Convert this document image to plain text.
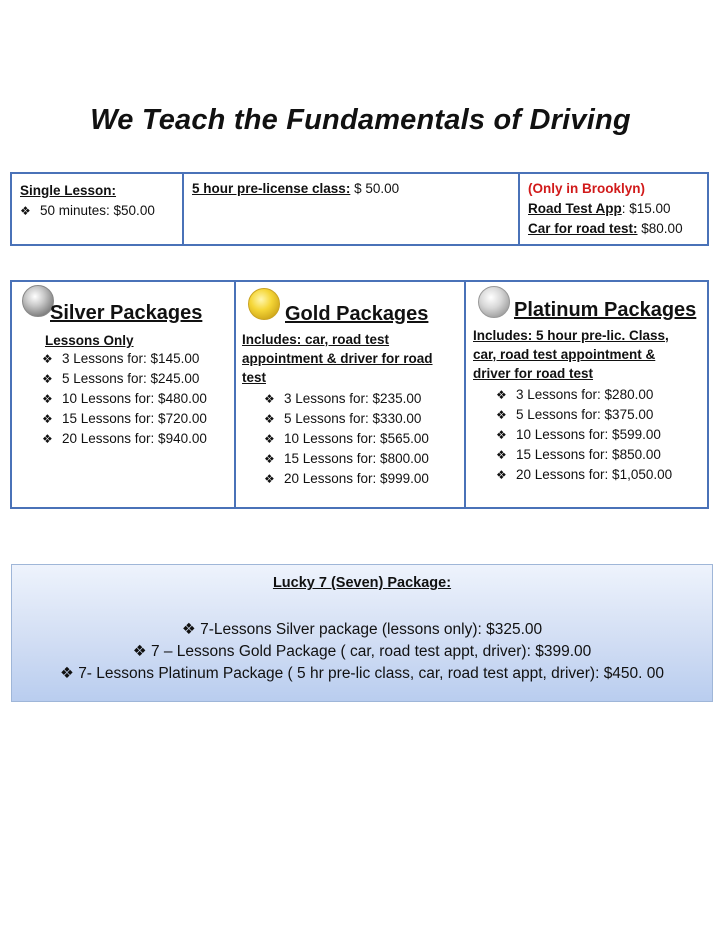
We Teach the Fundamentals of Driving
Single Lesson:
❖ 50 minutes: $50.00
5 hour pre-license class: $ 50.00	(Only in Brooklyn)
Road Test App: $15.00
Car for road test: $80.00
Silver Packages
Lessons Only
❖ 3 Lessons for: $145.00
❖ 5 Lessons for: $245.00
❖ 10 Lessons for: $480.00
❖ 15 Lessons for: $720.00
❖ 20 Lessons for: $940.00
Gold Packages
Includes: car, road test appointment & driver for road test
❖ 3 Lessons for: $235.00
❖ 5 Lessons for: $330.00
❖ 10 Lessons for: $565.00
❖ 15 Lessons for: $800.00
❖ 20 Lessons for: $999.00
Platinum Packages
Includes: 5 hour pre-lic. Class, car, road test appointment & driver for road test
❖ 3 Lessons for: $280.00
❖ 5 Lessons for: $375.00
❖ 10 Lessons for: $599.00
❖ 15 Lessons for: $850.00
❖ 20 Lessons for: $1,050.00
Lucky 7 (Seven) Package:
❖ 7-Lessons Silver package (lessons only): $325.00
❖ 7 – Lessons Gold Package ( car, road test appt, driver): $399.00
❖ 7- Lessons Platinum Package ( 5 hr pre-lic class, car, road test appt, driver): $450. 00
